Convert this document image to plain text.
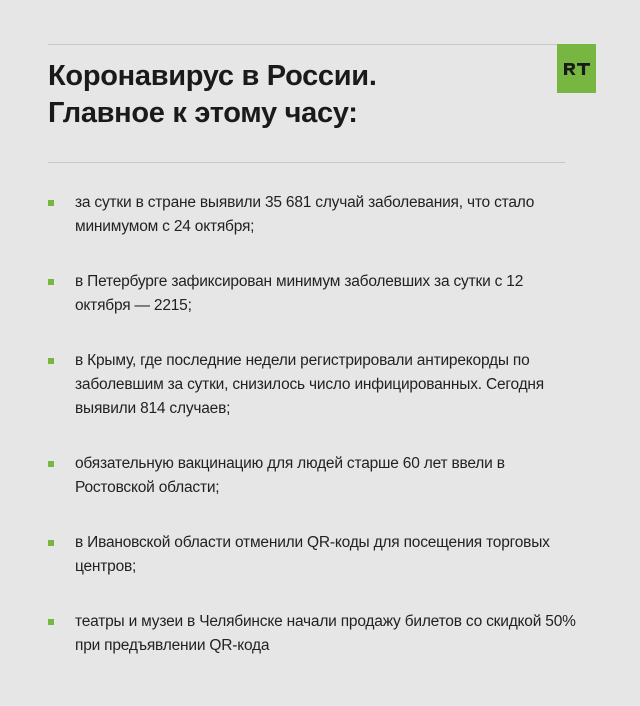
Коронавирус в России.
Главное к этому часу:
за сутки в стране выявили 35 681 случай заболевания, что стало минимумом с 24 октября;
в Петербурге зафиксирован минимум заболевших за сутки с 12 октября — 2215;
в Крыму, где последние недели регистрировали антирекорды по заболевшим за сутки, снизилось число инфицированных. Сегодня выявили 814 случаев;
обязательную вакцинацию для людей старше 60 лет ввели в Ростовской области;
в Ивановской области отменили QR-коды для посещения торговых центров;
театры и музеи в Челябинске начали продажу билетов со скидкой 50% при предъявлении QR-кода
